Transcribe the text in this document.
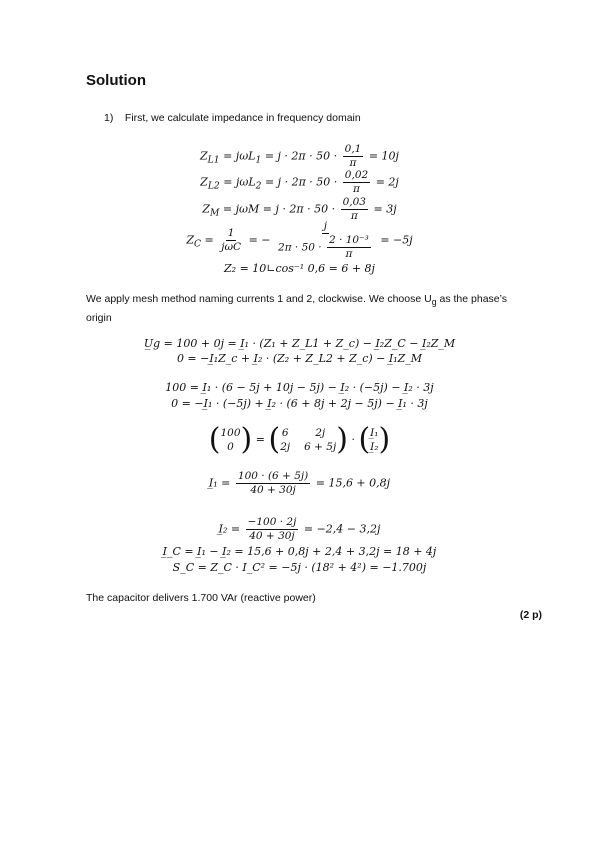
Solution
1) First, we calculate impedance in frequency domain
$Z_{L1} = j\omega L_1 = j \cdot 2\pi \cdot 50 \cdot \frac{0,1}{\pi} = 10j$
$Z_{L2} = j\omega L_2 = j \cdot 2\pi \cdot 50 \cdot \frac{0,02}{\pi} = 2j$
$Z_M = j\omega M = j \cdot 2\pi \cdot 50 \cdot \frac{0,03}{\pi} = 3j$
$Z_C = \frac{1}{\text{jωC}}$ = − $\frac{j}{2\pi \cdot 50 \cdot \frac{\text{2 · 10⁻³}}{\pi}} = -5j$
Z₂ = 10∟cos⁻¹ 0,6 = 6 + 8j
We apply mesh method naming currents 1 and 2, clockwise. We choose $U_g$ as the phase’s origin
U̲g = 100 + 0j = I̲₁ · (Z₁ + Z_L1 + Z_c) − I̲₂Z_C − I̲₂Z_M
0 = −I̲₁Z_c + I̲₂ · (Z₂ + Z_L2 + Z_c) − I̲₁Z_M
100 = I̲₁ · (6 − 5j + 10j − 5j) − I̲₂ · (−5j) − I̲₂ · 3j
0 = −I̲₁ · (−5j) + I̲₂ · (6 + 8j + 2j − 5j) − I̲₁ · 3j
( 100
0 ) = ( 6	2j
2j 6 + 5j ) · ( I̲₁
I̲₂ )
I̲₁ = $\frac{100 \cdot (6 + 5j)}{40 + 30j} = 15,6 + 0,8j$
I̲₂ = $\frac{-100 \cdot 2j}{40 + 30j} = -2,4 - 3,2j$
I̲_C = I̲₁ − I̲₂ = 15,6 + 0,8j + 2,4 + 3,2j = 18 + 4j
S_C = Z_C · I_C² = −5j · (18² + 4²) = −1.700j
The capacitor delivers 1.700 VAr (reactive power)
(2 p)
